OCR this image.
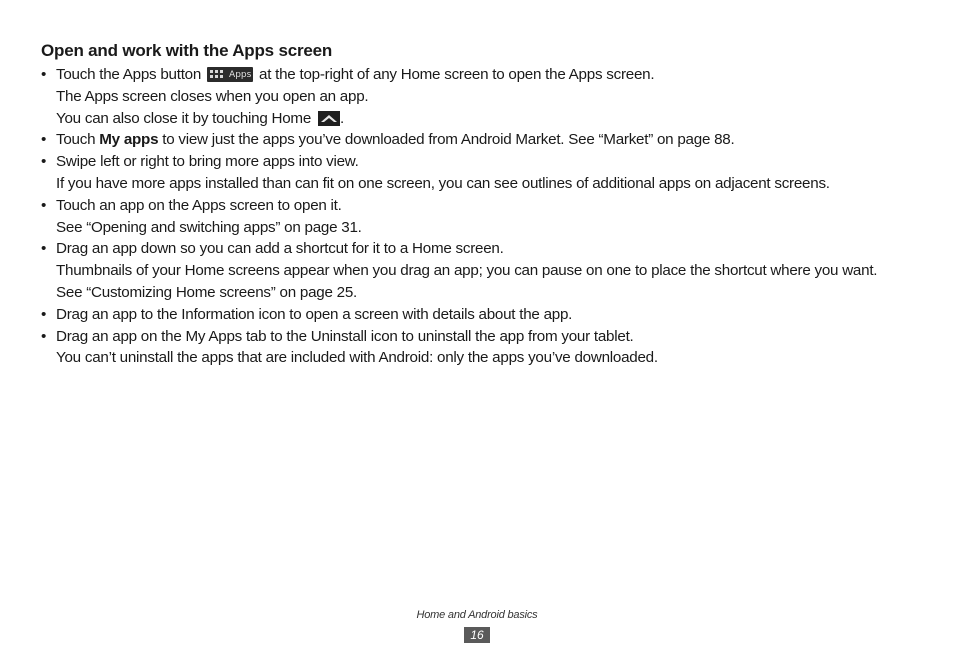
Open and work with the Apps screen
• Touch the Apps button	Apps at the top-right of any Home screen to open the Apps screen.

The Apps screen closes when you open an app.

You can also close it by touching Home
.

• Touch My apps to view just the apps you’ve downloaded from Android Market. See “Market” on page 88.

• Swipe left or right to bring more apps into view.

If you have more apps installed than can fit on one screen, you can see outlines of additional apps on adjacent screens.

• Touch an app on the Apps screen to open it.

See “Opening and switching apps” on page 31.

• Drag an app down so you can add a shortcut for it to a Home screen.

Thumbnails of your Home screens appear when you drag an app; you can pause on one to place the shortcut where you want.

See “Customizing Home screens” on page 25.

• Drag an app to the Information icon to open a screen with details about the app.

• Drag an app on the My Apps tab to the Uninstall icon to uninstall the app from your tablet.

You can’t uninstall the apps that are included with Android: only the apps you’ve downloaded.

Home and Android basics
16
